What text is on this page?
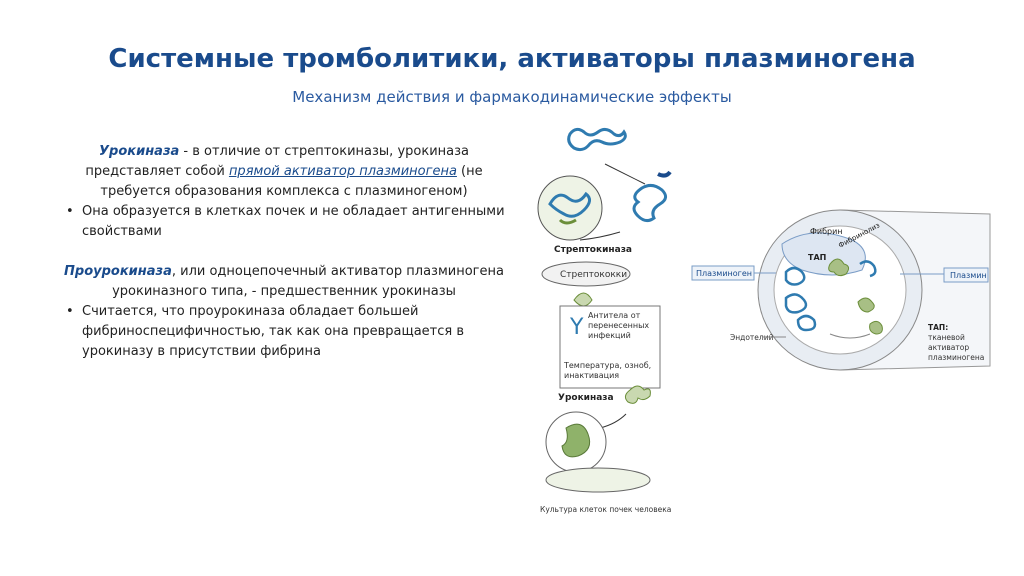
Системные тромболитики, активаторы плазминогена
Механизм действия и фармакодинамические эффекты
Урокиназа - в отличие от стрептокиназы, урокиназа представляет собой прямой активатор плазминогена (не требуется образования комплекса с плазминогеном)
• Она образуется в клетках почек и не обладает антигенными свойствами
Проурокиназа, или одноцепочечный активатор плазминогена урокиназного типа, - предшественник урокиназы
• Считается, что проурокиназа обладает большей фибриноспецифичностью, так как она превращается в урокиназу в присутствии фибрина
Стрептокиназа
Стрептококки
Y Антитела от
перенесенных
инфекций
Температура, озноб,
инактивация
Урокиназа
Культура клеток почек человека
Фибрин
Фибринолиз
ТАП
Плазминоген	Плазмин
Эндотелий
ТАП:
тканевой
активатор
плазминогена
